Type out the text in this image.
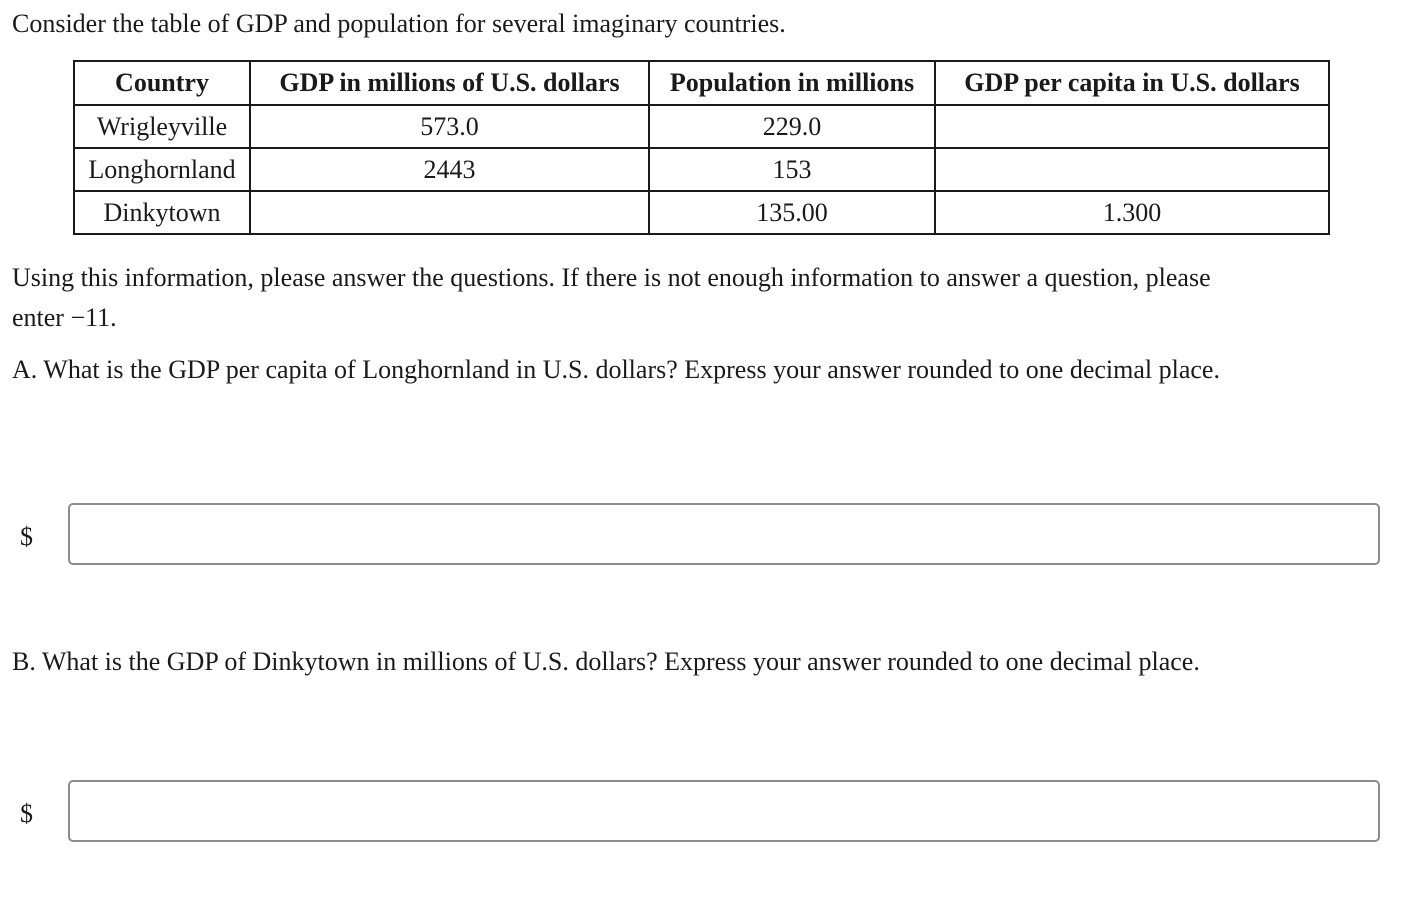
Consider the table of GDP and population for several imaginary countries.

Country	GDP in millions of U.S. dollars	Population in millions	GDP per capita in U.S. dollars
Wrigleyville	573.0	229.0	
Longhornland	2443	153	
Dinkytown		135.00	1.300

Using this information, please answer the questions. If there is not enough information to answer a question, please
enter −11.

A. What is the GDP per capita of Longhornland in U.S. dollars? Express your answer rounded to one decimal place.

$

B. What is the GDP of Dinkytown in millions of U.S. dollars? Express your answer rounded to one decimal place.

$
